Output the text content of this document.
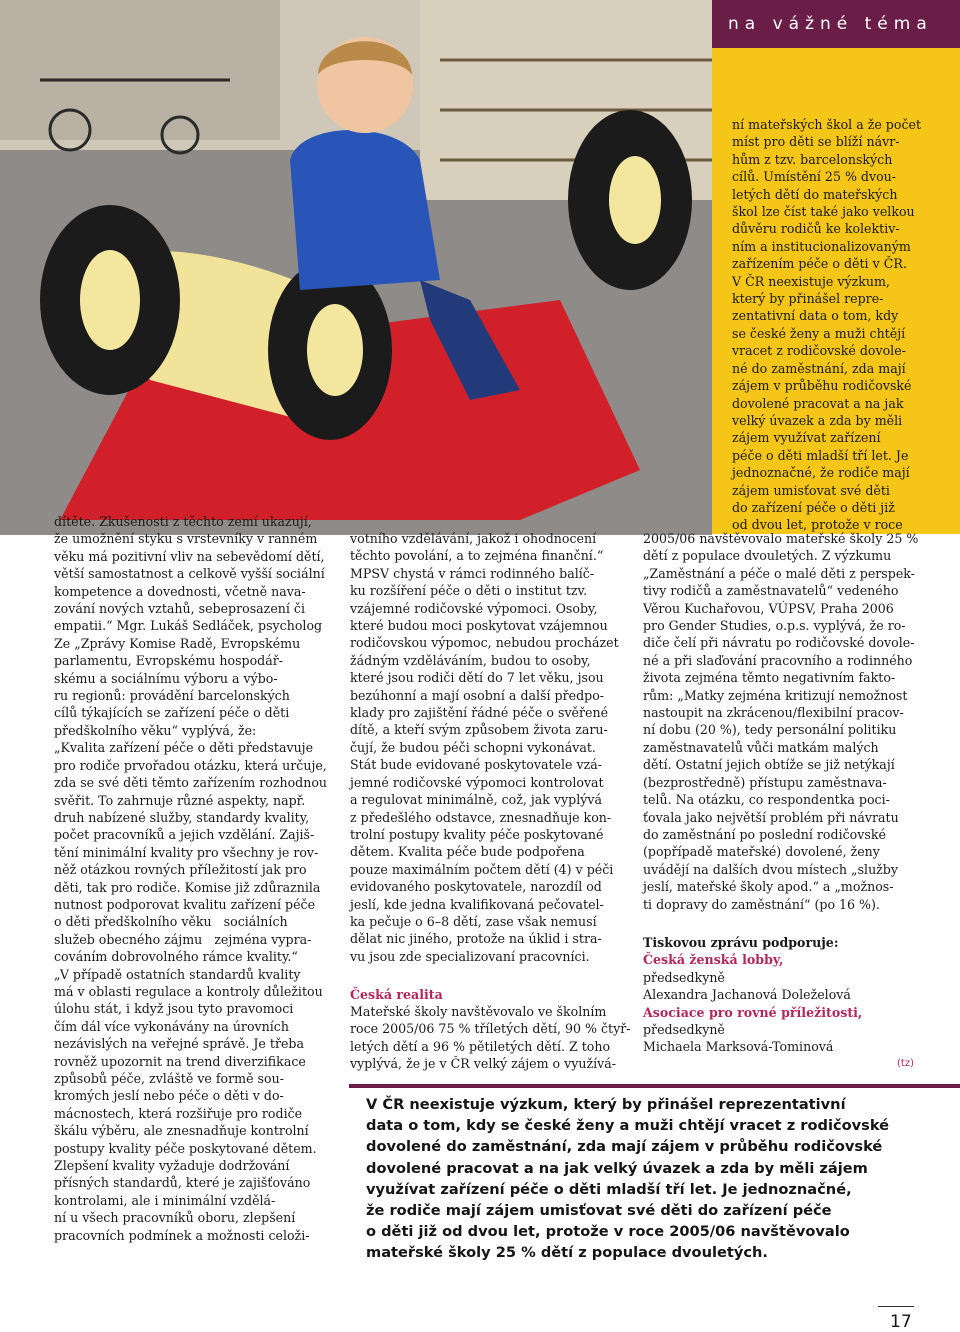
na vážné téma
dítěte. Zkušenosti z těchto zemí ukazují,
že umožnění styku s vrstevníky v ranném
věku má pozitivní vliv na sebevědomí dětí,
větší samostatnost a celkově vyšší sociální
kompetence a dovednosti, včetně nava-
zování nových vztahů, sebeprosazení či
empatii.“ Mgr. Lukáš Sedláček, psycholog
Ze „Zprávy Komise Radě, Evropskému
parlamentu, Evropskému hospodář-
skému a sociálnímu výboru a výbo-
ru regionů: provádění barcelonských
cílů týkajících se zařízení péče o děti
předškolního věku“ vyplývá, že:
„Kvalita zařízení péče o děti představuje
pro rodiče prvořadou otázku, která určuje,
zda se své děti těmto zařízením rozhodnou
svěřit. To zahrnuje různé aspekty, např.
druh nabízené služby, standardy kvality,
počet pracovníků a jejich vzdělání. Zajiš-
tění minimální kvality pro všechny je rov-
něž otázkou rovných příležitostí jak pro
děti, tak pro rodiče. Komise již zdůraznila
nutnost podporovat kvalitu zařízení péče
o děti předškolního věku   sociálních
služeb obecného zájmu   zejména vypra-
cováním dobrovolného rámce kvality.“
„V případě ostatních standardů kvality
má v oblasti regulace a kontroly důležitou
úlohu stát, i když jsou tyto pravomoci
čím dál více vykonávány na úrovních
nezávislých na veřejné správě. Je třeba
rovněž upozornit na trend diverzifikace
způsobů péče, zvláště ve formě sou-
kromých jeslí nebo péče o děti v do-
mácnostech, která rozšiřuje pro rodiče
škálu výběru, ale znesnadňuje kontrolní
postupy kvality péče poskytované dětem.
Zlepšení kvality vyžaduje dodržování
přísných standardů, které je zajišťováno
kontrolami, ale i minimální vzdělá-
ní u všech pracovníků oboru, zlepšení
pracovních podmínek a možnosti celoži-
votního vzdělávání, jakož i ohodnocení
těchto povolání, a to zejména finanční.“
MPSV chystá v rámci rodinného balíč-
ku rozšíření péče o děti o institut tzv.
vzájemné rodičovské výpomoci. Osoby,
které budou moci poskytovat vzájemnou
rodičovskou výpomoc, nebudou procházet
žádným vzděláváním, budou to osoby,
které jsou rodiči dětí do 7 let věku, jsou
bezúhonní a mají osobní a další předpo-
klady pro zajištění řádné péče o svěřené
dítě, a kteří svým způsobem života zaru-
čují, že budou péči schopni vykonávat.
Stát bude evidované poskytovatele vzá-
jemné rodičovské výpomoci kontrolovat
a regulovat minimálně, což, jak vyplývá
z předešlého odstavce, znesnadňuje kon-
trolní postupy kvality péče poskytované
dětem. Kvalita péče bude podpořena
pouze maximálním počtem dětí (4) v péči
evidovaného poskytovatele, narozdíl od
jeslí, kde jedna kvalifikovaná pečovatel-
ka pečuje o 6–8 dětí, zase však nemusí
dělat nic jiného, protože na úklid i stra-
vu jsou zde specializovaní pracovníci.
Česká realita
Mateřské školy navštěvovalo ve školním
roce 2005/06 75 % tříletých dětí, 90 % čtyř-
letých dětí a 96 % pětiletých dětí. Z toho
vyplývá, že je v ČR velký zájem o využívá-
ní mateřských škol a že počet
míst pro děti se blíží návr-
hům z tzv. barcelonských
cílů. Umístění 25 % dvou-
letých dětí do mateřských
škol lze číst také jako velkou
důvěru rodičů ke kolektiv-
ním a institucionalizovaným
zařízením péče o děti v ČR.
V ČR neexistuje výzkum,
který by přinášel repre-
zentativní data o tom, kdy
se české ženy a muži chtějí
vracet z rodičovské dovole-
né do zaměstnání, zda mají
zájem v průběhu rodičovské
dovolené pracovat a na jak
velký úvazek a zda by měli
zájem využívat zařízení
péče o děti mladší tří let. Je
jednoznačné, že rodiče mají
zájem umisťovat své děti
do zařízení péče o děti již
od dvou let, protože v roce
2005/06 navštěvovalo mateřské školy 25 %
dětí z populace dvouletých. Z výzkumu
„Zaměstnání a péče o malé děti z perspek-
tivy rodičů a zaměstnavatelů“ vedeného
Věrou Kuchařovou, VÚPSV, Praha 2006
pro Gender Studies, o.p.s. vyplývá, že ro-
diče čelí při návratu po rodičovské dovole-
né a při slaďování pracovního a rodinného
života zejména těmto negativním fakto-
rům: „Matky zejména kritizují nemožnost
nastoupit na zkrácenou/flexibilní pracov-
ní dobu (20 %), tedy personální politiku
zaměstnavatelů vůči matkám malých
dětí. Ostatní jejich obtíže se již netýkají
(bezprostředně) přístupu zaměstnava-
telů. Na otázku, co respondentka poci-
ťovala jako největší problém při návratu
do zaměstnání po poslední rodičovské
(popřípadě mateřské) dovolené, ženy
uvádějí na dalších dvou místech „služby
jeslí, mateřské školy apod.“ a „možnos-
ti dopravy do zaměstnání“ (po 16 %).
Tiskovou zprávu podporuje:
Česká ženská lobby,
předsedkyně
Alexandra Jachanová Doleželová
Asociace pro rovné příležitosti,
předsedkyně
Michaela Marksová-Tominová
(tz)
V ČR neexistuje výzkum, který by přinášel reprezentativní
data o tom, kdy se české ženy a muži chtějí vracet z rodičovské
dovolené do zaměstnání, zda mají zájem v průběhu rodičovské
dovolené pracovat a na jak velký úvazek a zda by měli zájem
využívat zařízení péče o děti mladší tří let. Je jednoznačné,
že rodiče mají zájem umisťovat své děti do zařízení péče
o děti již od dvou let, protože v roce 2005/06 navštěvovalo
mateřské školy 25 % dětí z populace dvouletých.
17
